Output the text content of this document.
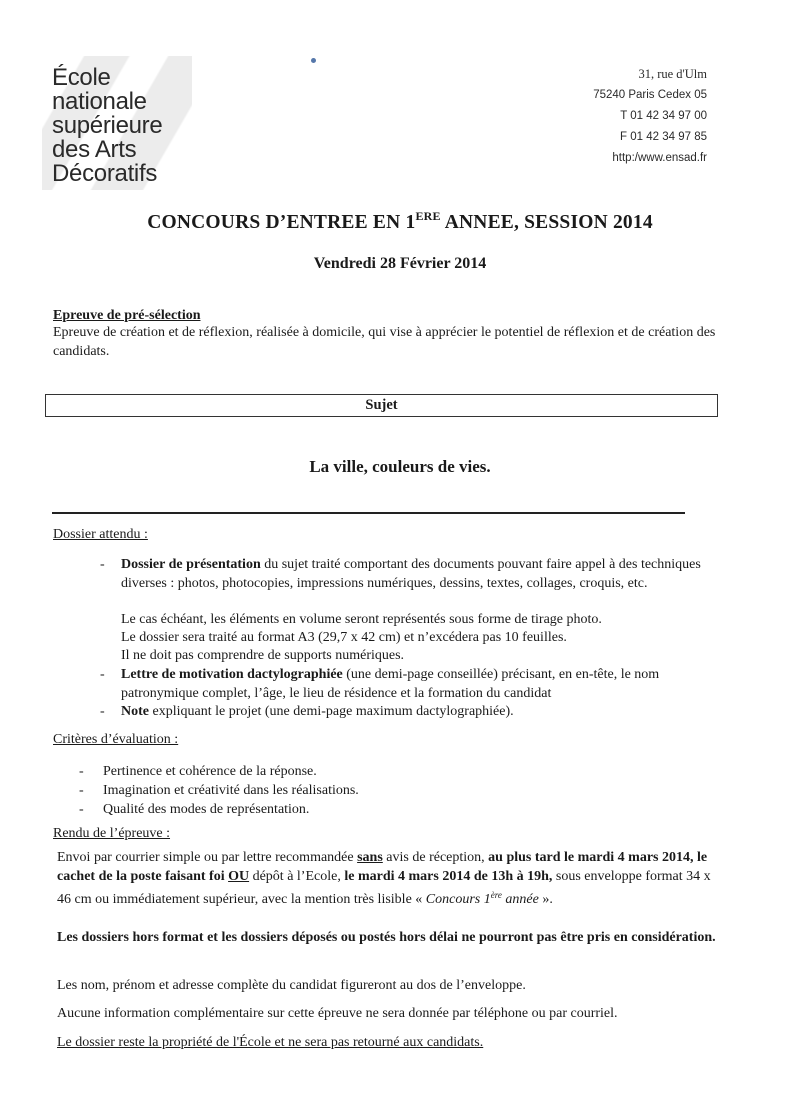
École
nationale
supérieure
des Arts
Décoratifs
31, rue d'Ulm
75240 Paris Cedex 05
T 01 42 34 97 00
F 01 42 34 97 85
http:/www.ensad.fr
CONCOURS D’ENTREE EN 1ERE ANNEE, SESSION 2014
Vendredi 28 Février 2014
Epreuve de pré-sélection
Epreuve de création et de réflexion, réalisée à domicile, qui vise à apprécier le potentiel de réflexion et de création des candidats.
Sujet
La ville, couleurs de vies.
Dossier attendu :
- Dossier de présentation du sujet traité comportant des documents pouvant faire appel à des techniques diverses : photos, photocopies, impressions numériques, dessins, textes, collages, croquis, etc.
Le cas échéant, les éléments en volume seront représentés sous forme de tirage photo.
Le dossier sera traité au format A3 (29,7 x 42 cm) et n’excédera pas 10 feuilles.
Il ne doit pas comprendre de supports numériques.
- Lettre de motivation dactylographiée (une demi-page conseillée) précisant, en en-tête, le nom patronymique complet, l’âge, le lieu de résidence et la formation du candidat
- Note expliquant le projet (une demi-page maximum dactylographiée).
Critères d’évaluation :
- Pertinence et cohérence de la réponse.
- Imagination et créativité dans les réalisations.
- Qualité des modes de représentation.
Rendu de l’épreuve :
Envoi par courrier simple ou par lettre recommandée sans avis de réception, au plus tard le mardi 4 mars 2014, le cachet de la poste faisant foi OU dépôt à l’Ecole, le mardi 4 mars 2014 de 13h à 19h, sous enveloppe format 34 x 46 cm ou immédiatement supérieur, avec la mention très lisible « Concours 1ère année ».
Les dossiers hors format et les dossiers déposés ou postés hors délai ne pourront pas être pris en considération.
Les nom, prénom et adresse complète du candidat figureront au dos de l’enveloppe.
Aucune information complémentaire sur cette épreuve ne sera donnée par téléphone ou par courriel.
Le dossier reste la propriété de l'École et ne sera pas retourné aux candidats.
